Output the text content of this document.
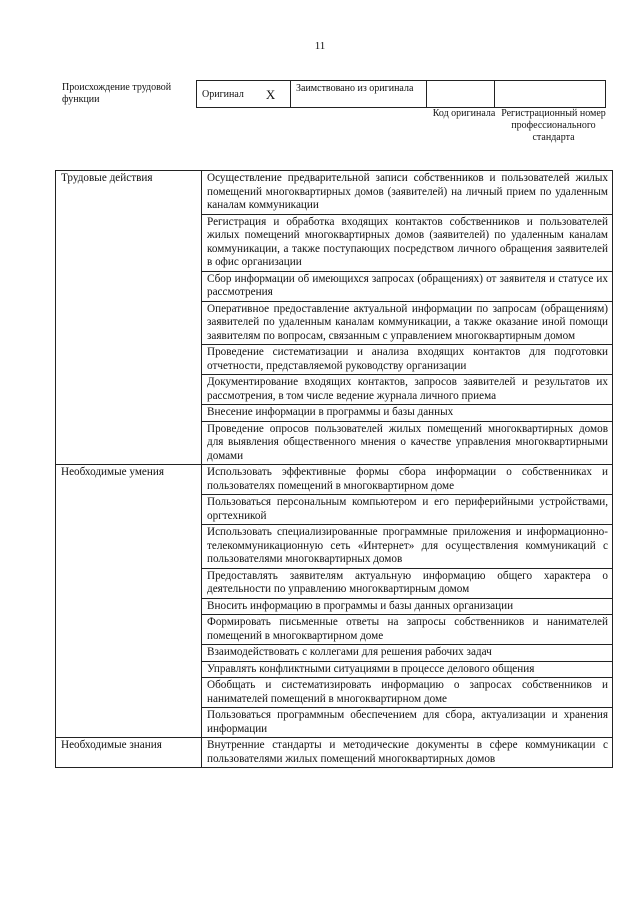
11
Происхождение трудовой функции	Оригинал X	Заимствовано из оригинала
Код оригинала Регистрационный номер профессионального стандарта
Трудовые действия	Осуществление предварительной записи собственников и пользователей жилых помещений многоквартирных домов (заявителей) на личный прием по удаленным каналам коммуникации
	Регистрация и обработка входящих контактов собственников и пользователей жилых помещений многоквартирных домов (заявителей) по удаленным каналам коммуникации, а также поступающих посредством личного обращения заявителей в офис организации
	Сбор информации об имеющихся запросах (обращениях) от заявителя и статусе их рассмотрения
	Оперативное предоставление актуальной информации по запросам (обращениям) заявителей по удаленным каналам коммуникации, а также оказание иной помощи заявителям по вопросам, связанным с управлением многоквартирным домом
	Проведение систематизации и анализа входящих контактов для подготовки отчетности, представляемой руководству организации
	Документирование входящих контактов, запросов заявителей и результатов их рассмотрения, в том числе ведение журнала личного приема
	Внесение информации в программы и базы данных
	Проведение опросов пользователей жилых помещений многоквартирных домов для выявления общественного мнения о качестве управления многоквартирными домами
Необходимые умения	Использовать эффективные формы сбора информации о собственниках и пользователях помещений в многоквартирном доме
	Пользоваться персональным компьютером и его периферийными устройствами, оргтехникой
	Использовать специализированные программные приложения и информационно-телекоммуникационную сеть «Интернет» для осуществления коммуникаций с пользователями многоквартирных домов
	Предоставлять заявителям актуальную информацию общего характера о деятельности по управлению многоквартирным домом
	Вносить информацию в программы и базы данных организации
	Формировать письменные ответы на запросы собственников и нанимателей помещений в многоквартирном доме
	Взаимодействовать с коллегами для решения рабочих задач
	Управлять конфликтными ситуациями в процессе делового общения
	Обобщать и систематизировать информацию о запросах собственников и нанимателей помещений в многоквартирном доме
	Пользоваться программным обеспечением для сбора, актуализации и хранения информации
Необходимые знания	Внутренние стандарты и методические документы в сфере коммуникации с пользователями жилых помещений многоквартирных домов
